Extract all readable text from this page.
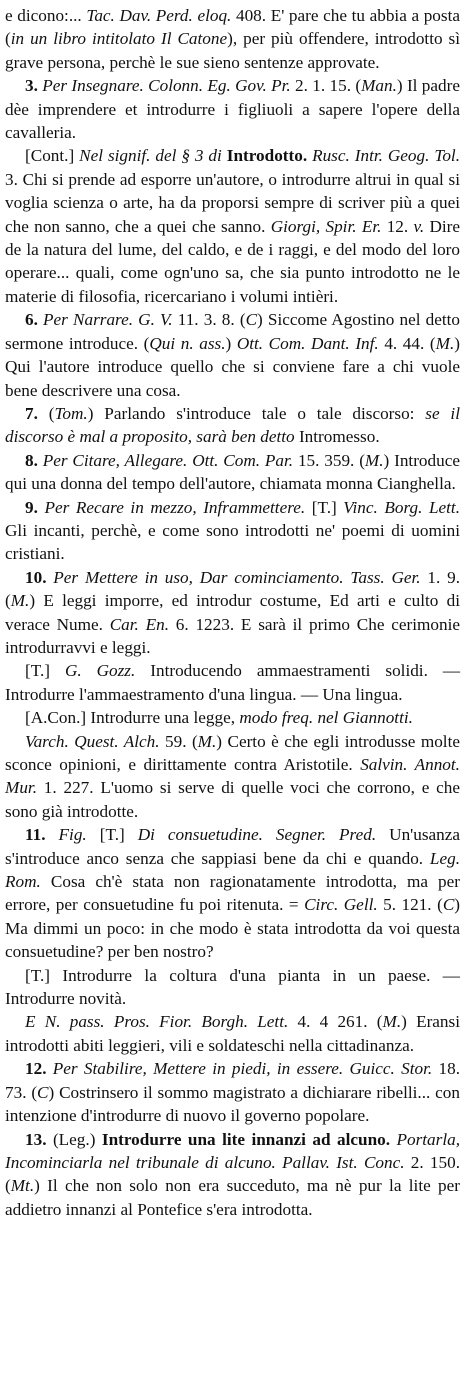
e dicono:... Tac. Dav. Perd. eloq. 408. E' pare che tu abbia a posta (in un libro intitolato Il Catone), per più offendere, introdotto sì grave persona, perchè le sue sieno sentenze approvate.

3. Per Insegnare. Colonn. Eg. Gov. Pr. 2. 1. 15. (Man.) Il padre dèe imprendere et introdurre i figliuoli a sapere l'opere della cavalleria.

[Cont.] Nel signif. del § 3 di Introdotto. Rusc. Intr. Geog. Tol. 3. Chi si prende ad esporre un'autore, o introdurre altrui in qual si voglia scienza o arte, ha da proporsi sempre di scriver più a quei che non sanno, che a quei che sanno. Giorgi, Spir. Er. 12. v. Dire de la natura del lume, del caldo, e de i raggi, e del modo del loro operare... quali, come ogn'uno sa, che sia punto introdotto ne le materie di filosofia, ricercariano i volumi intièri.

6. Per Narrare. G. V. 11. 3. 8. (C) Siccome Agostino nel detto sermone introduce. (Qui n. ass.) Ott. Com. Dant. Inf. 4. 44. (M.) Qui l'autore introduce quello che si conviene fare a chi vuole bene descrivere una cosa.

7. (Tom.) Parlando s'introduce tale o tale discorso: se il discorso è mal a proposito, sarà ben detto Intromesso.

8. Per Citare, Allegare. Ott. Com. Par. 15. 359. (M.) Introduce qui una donna del tempo dell'autore, chiamata monna Cianghella.

9. Per Recare in mezzo, Inframmettere. [T.] Vinc. Borg. Lett. Gli incanti, perchè, e come sono introdotti ne' poemi di uomini cristiani.

10. Per Mettere in uso, Dar cominciamento. Tass. Ger. 1. 9. (M.) E leggi imporre, ed introdur costume, Ed arti e culto di verace Nume. Car. En. 6. 1223. E sarà il primo Che cerimonie introdurravvi e leggi.

[T.] G. Gozz. Introducendo ammaestramenti solidi. — Introdurre l'ammaestramento d'una lingua. — Una lingua.

[A.Con.] Introdurre una legge, modo freq. nel Giannotti.

Varch. Quest. Alch. 59. (M.) Certo è che egli introdusse molte sconce opinioni, e dirittamente contra Aristotile. Salvin. Annot. Mur. 1. 227. L'uomo si serve di quelle voci che corrono, e che sono già introdotte.

11. Fig. [T.] Di consuetudine. Segner. Pred. Un'usanza s'introduce anco senza che sappiasi bene da chi e quando. Leg. Rom. Cosa ch'è stata non ragionatamente introdotta, ma per errore, per consuetudine fu poi ritenuta. = Circ. Gell. 5. 121. (C) Ma dimmi un poco: in che modo è stata introdotta da voi questa consuetudine? per ben nostro?

[T.] Introdurre la coltura d'una pianta in un paese. — Introdurre novità.

E N. pass. Pros. Fior. Borgh. Lett. 4. 4 261. (M.) Eransi introdotti abiti leggieri, vili e soldateschi nella cittadinanza.

12. Per Stabilire, Mettere in piedi, in essere. Guicc. Stor. 18. 73. (C) Costrinsero il sommo magistrato a dichiarare ribelli... con intenzione d'introdurre di nuovo il governo popolare.

13. (Leg.) Introdurre una lite innanzi ad alcuno. Portarla, Incominciarla nel tribunale di alcuno. Pallav. Ist. Conc. 2. 150. (Mt.) Il che non solo non era succeduto, ma nè pur la lite per addietro innanzi al Pontefice s'era introdotta.
